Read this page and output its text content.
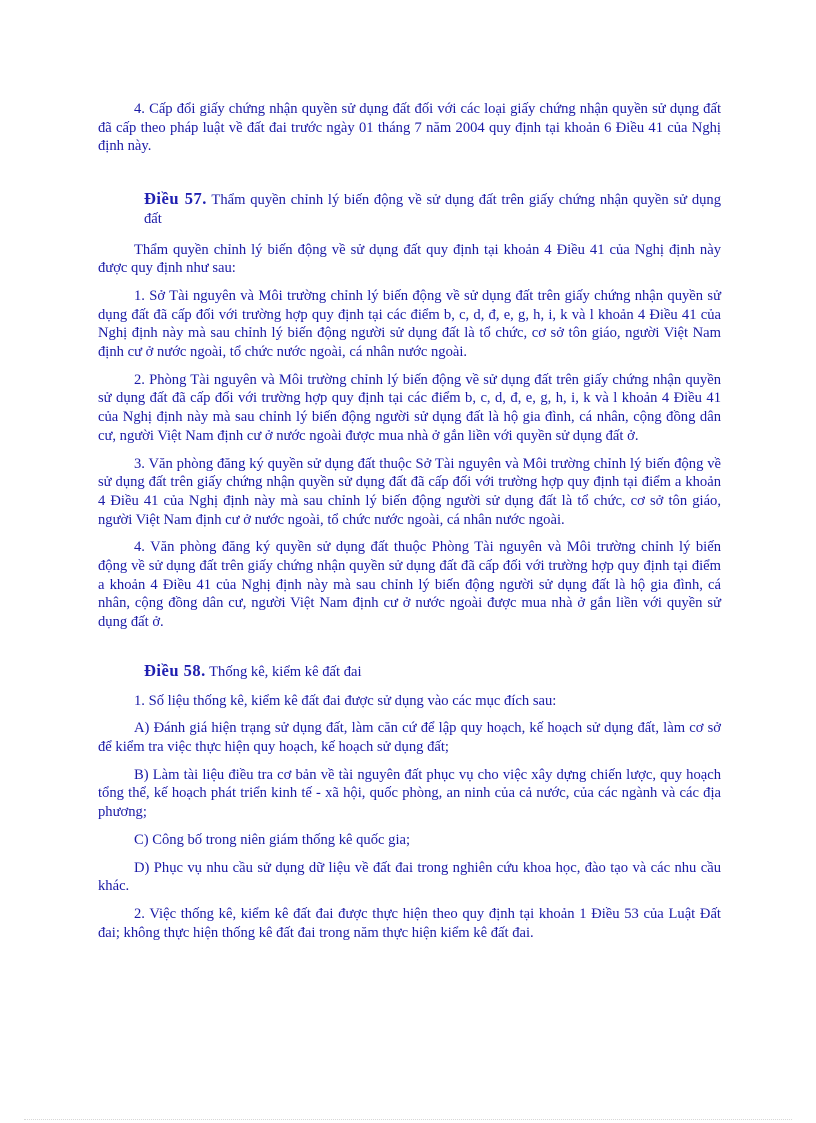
4. Cấp đổi giấy chứng nhận quyền sử dụng đất đối với các loại giấy chứng nhận quyền sử dụng đất đã cấp theo pháp luật về đất đai trước ngày 01 tháng 7 năm 2004 quy định tại khoản 6 Điều 41 của Nghị định này.

Điều 57. Thẩm quyền chỉnh lý biến động về sử dụng đất trên giấy chứng nhận quyền sử dụng đất

Thẩm quyền chỉnh lý biến động về sử dụng đất quy định tại khoản 4 Điều 41 của Nghị định này được quy định như sau:

1. Sở Tài nguyên và Môi trường chỉnh lý biến động về sử dụng đất trên giấy chứng nhận quyền sử dụng đất đã cấp đối với trường hợp quy định tại các điểm b, c, d, đ, e, g, h, i, k và l khoản 4 Điều 41 của Nghị định này mà sau chỉnh lý biến động người sử dụng đất là tổ chức, cơ sở tôn giáo, người Việt Nam định cư ở nước ngoài, tổ chức nước ngoài, cá nhân nước ngoài.

2. Phòng Tài nguyên và Môi trường chỉnh lý biến động về sử dụng đất trên giấy chứng nhận quyền sử dụng đất đã cấp đối với trường hợp quy định tại các điểm b, c, d, đ, e, g, h, i, k và l khoản 4 Điều 41 của Nghị định này mà sau chỉnh lý biến động người sử dụng đất là hộ gia đình, cá nhân, cộng đồng dân cư, người Việt Nam định cư ở nước ngoài được mua nhà ở gắn liền với quyền sử dụng đất ở.

3. Văn phòng đăng ký quyền sử dụng đất thuộc Sở Tài nguyên và Môi trường chỉnh lý biến động về sử dụng đất trên giấy chứng nhận quyền sử dụng đất đã cấp đối với trường hợp quy định tại điểm a khoản 4 Điều 41 của Nghị định này mà sau chỉnh lý biến động người sử dụng đất là tổ chức, cơ sở tôn giáo, người Việt Nam định cư ở nước ngoài, tổ chức nước ngoài, cá nhân nước ngoài.

4. Văn phòng đăng ký quyền sử dụng đất thuộc Phòng Tài nguyên và Môi trường chỉnh lý biến động về sử dụng đất trên giấy chứng nhận quyền sử dụng đất đã cấp đối với trường hợp quy định tại điểm a khoản 4 Điều 41 của Nghị định này mà sau chỉnh lý biến động người sử dụng đất là hộ gia đình, cá nhân, cộng đồng dân cư, người Việt Nam định cư ở nước ngoài được mua nhà ở gắn liền với quyền sử dụng đất ở.

Điều 58. Thống kê, kiểm kê đất đai

1. Số liệu thống kê, kiểm kê đất đai được sử dụng vào các mục đích sau:

A) Đánh giá hiện trạng sử dụng đất, làm căn cứ để lập quy hoạch, kế hoạch sử dụng đất, làm cơ sở để kiểm tra việc thực hiện quy hoạch, kế hoạch sử dụng đất;

B) Làm tài liệu điều tra cơ bản về tài nguyên đất phục vụ cho việc xây dựng chiến lược, quy hoạch tổng thể, kế hoạch phát triển kinh tế - xã hội, quốc phòng, an ninh của cả nước, của các ngành và các địa phương;

C) Công bố trong niên giám thống kê quốc gia;

D) Phục vụ nhu cầu sử dụng dữ liệu về đất đai trong nghiên cứu khoa học, đào tạo và các nhu cầu khác.

2. Việc thống kê, kiểm kê đất đai được thực hiện theo quy định tại khoản 1 Điều 53 của Luật Đất đai; không thực hiện thống kê đất đai trong năm thực hiện kiểm kê đất đai.
